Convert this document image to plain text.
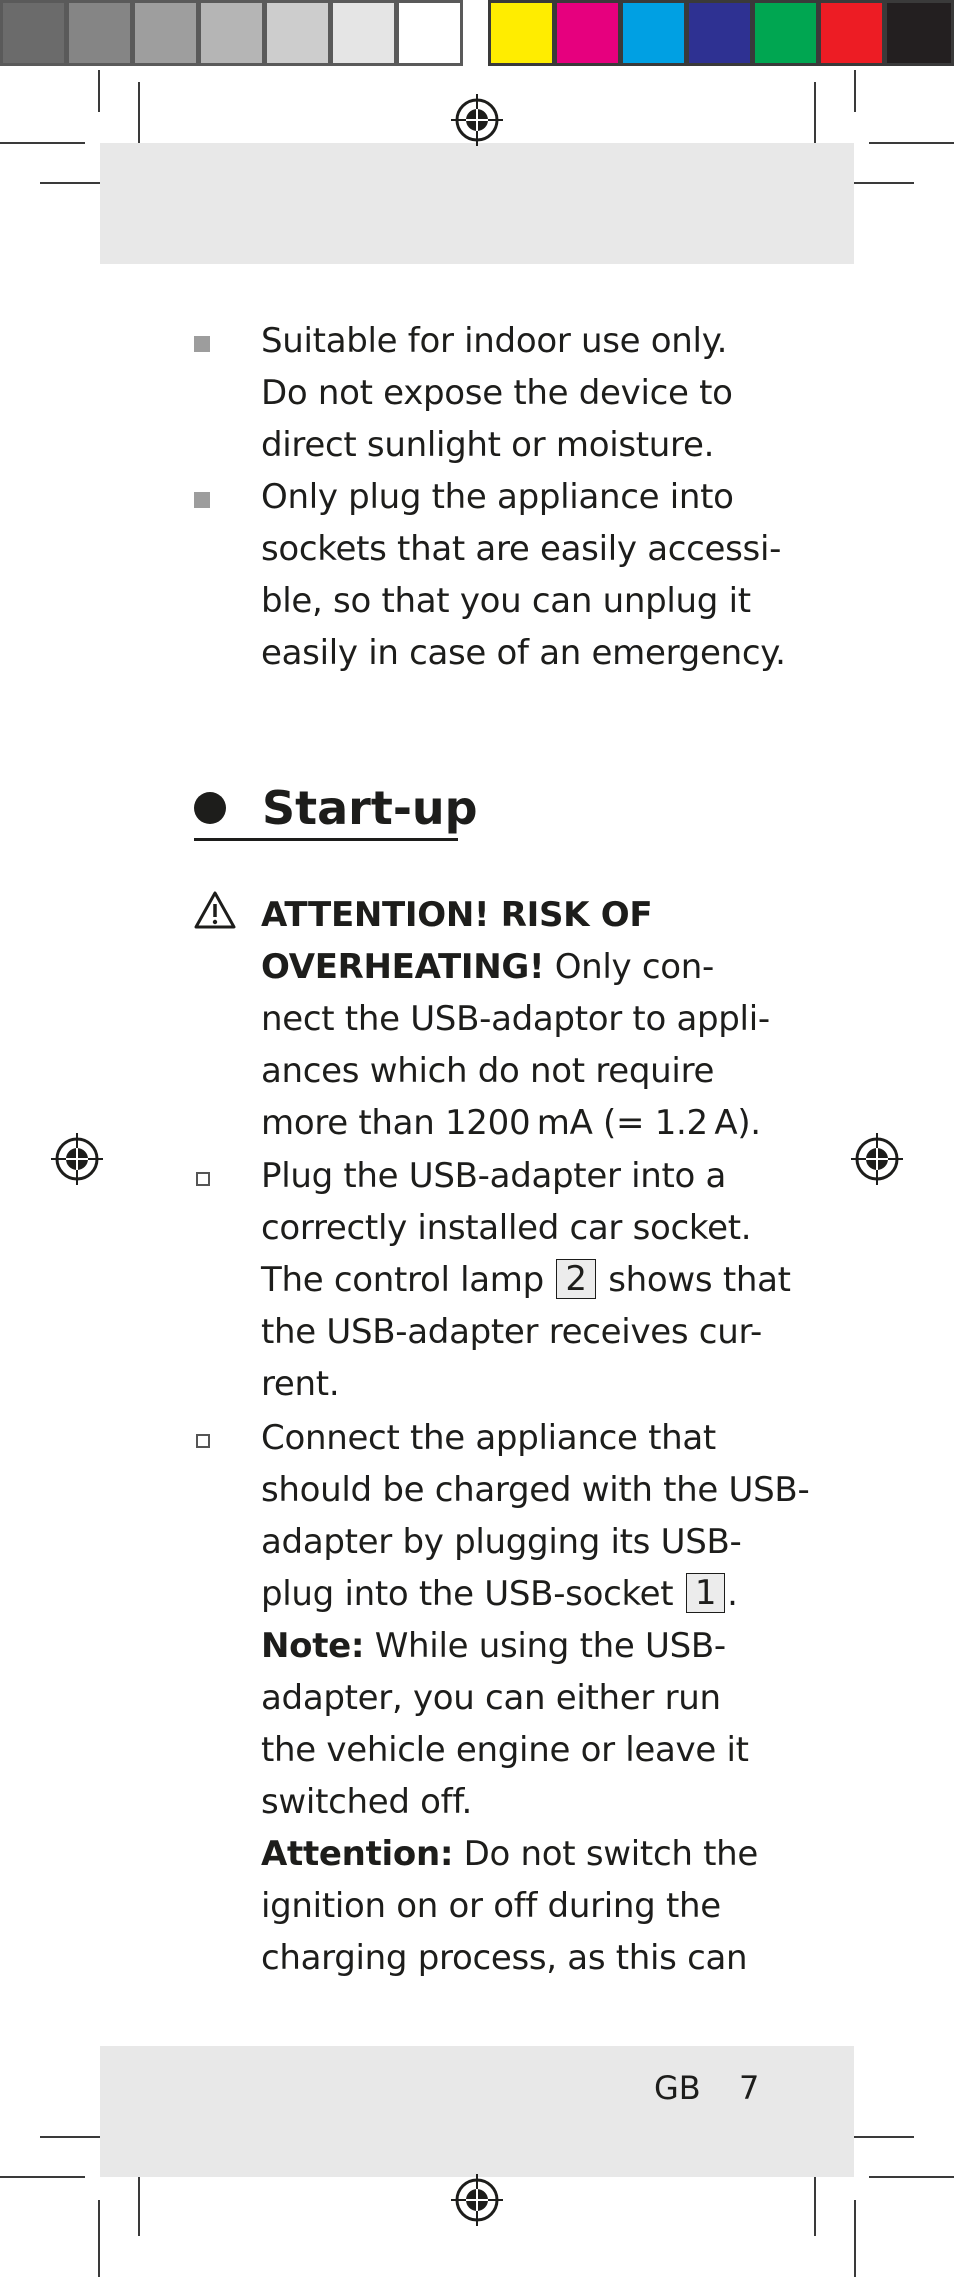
Suitable for indoor use only.
Do not expose the device to
direct sunlight or moisture.
Only plug the appliance into
sockets that are easily accessi-
ble, so that you can unplug it
easily in case of an emergency.
Start-up
ATTENTION! RISK OF
OVERHEATING! Only con-
nect the USB-adaptor to appli-
ances which do not require
more than 1200 mA (= 1.2 A).
Plug the USB-adapter into a
correctly installed car socket.
The control lamp 2 shows that
the USB-adapter receives cur-
rent.
Connect the appliance that
should be charged with the USB-
adapter by plugging its USB-
plug into the USB-socket 1 .
Note: While using the USB-
adapter, you can either run
the vehicle engine or leave it
switched off.
Attention: Do not switch the
ignition on or off during the
charging process, as this can
GB 7
